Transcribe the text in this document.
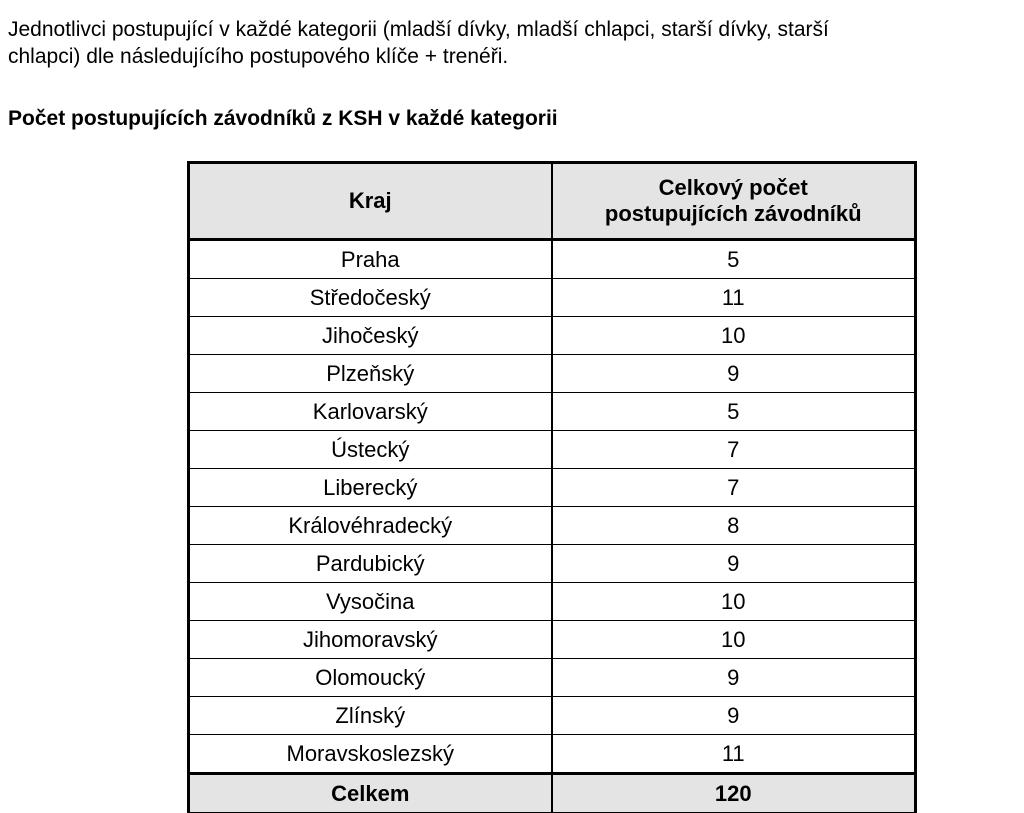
Jednotlivci postupující v každé kategorii (mladší dívky, mladší chlapci, starší dívky, starší
chlapci) dle následujícího postupového klíče + trenéři.

Počet postupujících závodníků z KSH v každé kategorii

Kraj	Celkový počet
postupujících závodníků
Praha	5
Středočeský	11
Jihočeský	10
Plzeňský	9
Karlovarský	5
Ústecký	7
Liberecký	7
Královéhradecký	8
Pardubický	9
Vysočina	10
Jihomoravský	10
Olomoucký	9
Zlínský	9
Moravskoslezský	11
Celkem	120
